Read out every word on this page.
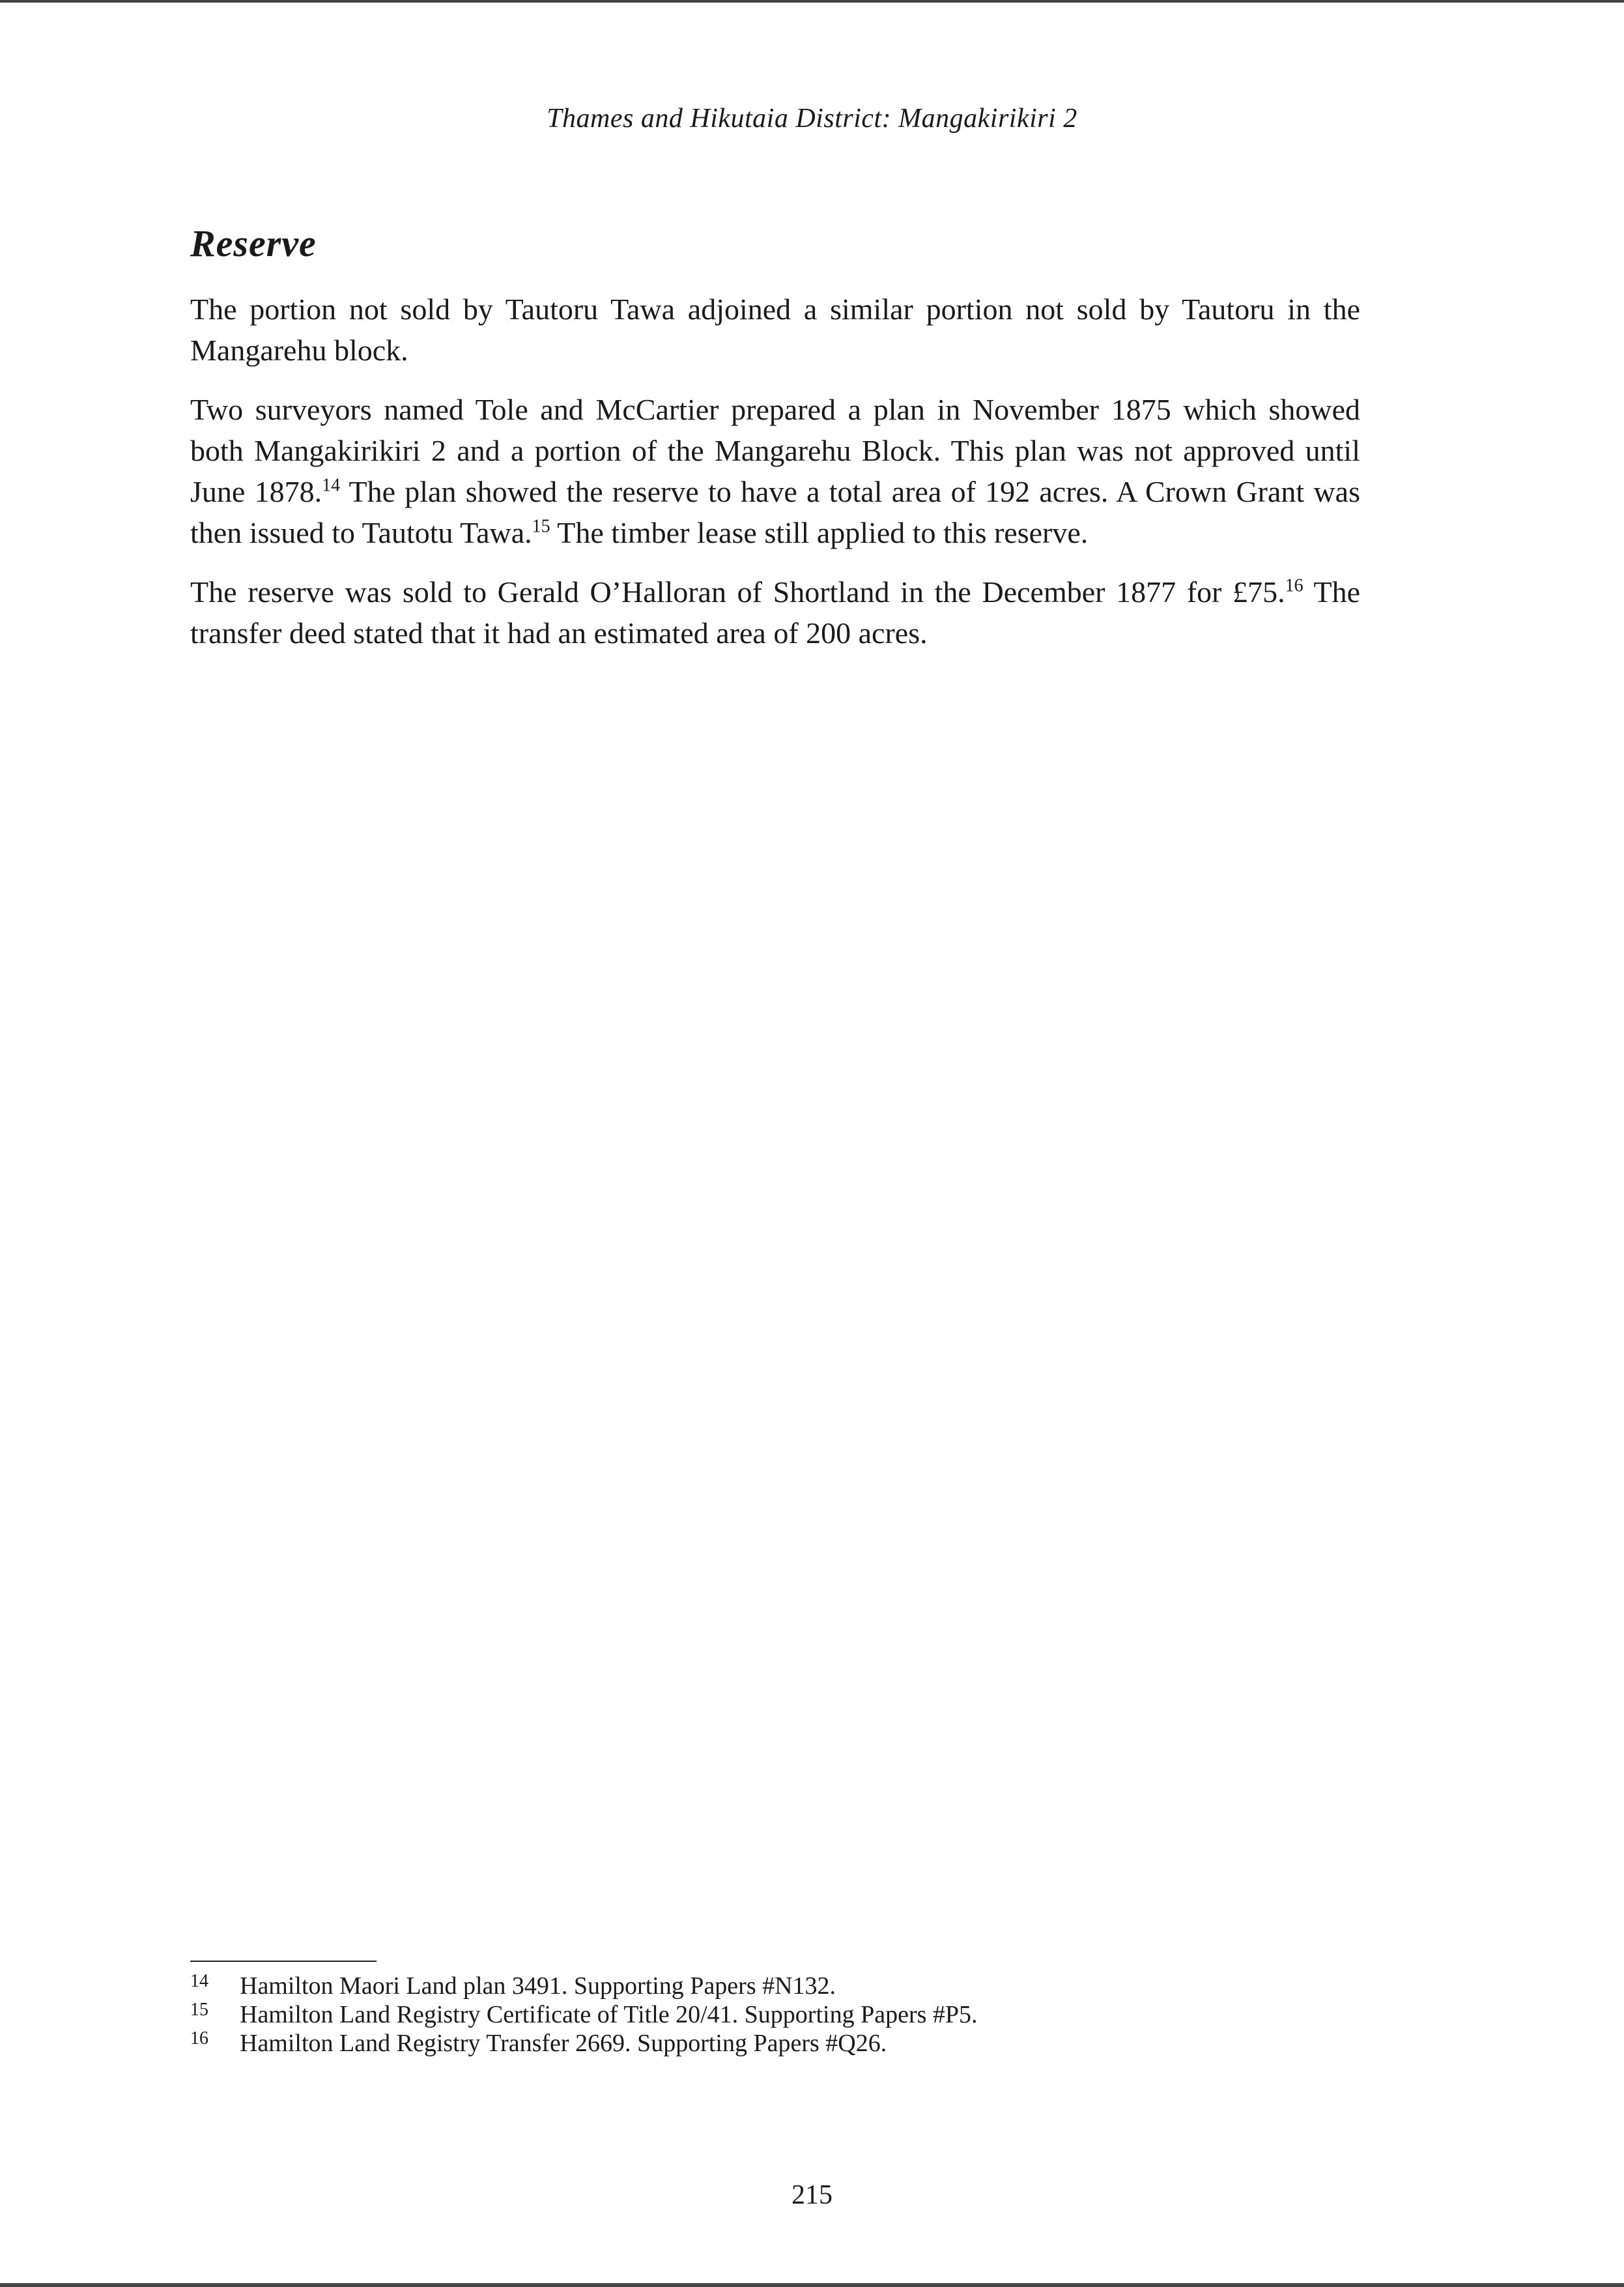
Thames and Hikutaia District: Mangakirikiri 2
Reserve

The portion not sold by Tautoru Tawa adjoined a similar portion not sold by Tautoru in the Mangarehu block.

Two surveyors named Tole and McCartier prepared a plan in November 1875 which showed both Mangakirikiri 2 and a portion of the Mangarehu Block. This plan was not approved until June 1878.14 The plan showed the reserve to have a total area of 192 acres. A Crown Grant was then issued to Tautotu Tawa.$^{15}$ The timber lease still applied to this reserve.

The reserve was sold to Gerald O’Halloran of Shortland in the December 1877 for £75.16 The transfer deed stated that it had an estimated area of 200 acres.

14	Hamilton Maori Land plan 3491. Supporting Papers #N132.
15	Hamilton Land Registry Certificate of Title 20/41. Supporting Papers #P5.
16	Hamilton Land Registry Transfer 2669. Supporting Papers #Q26.
215
